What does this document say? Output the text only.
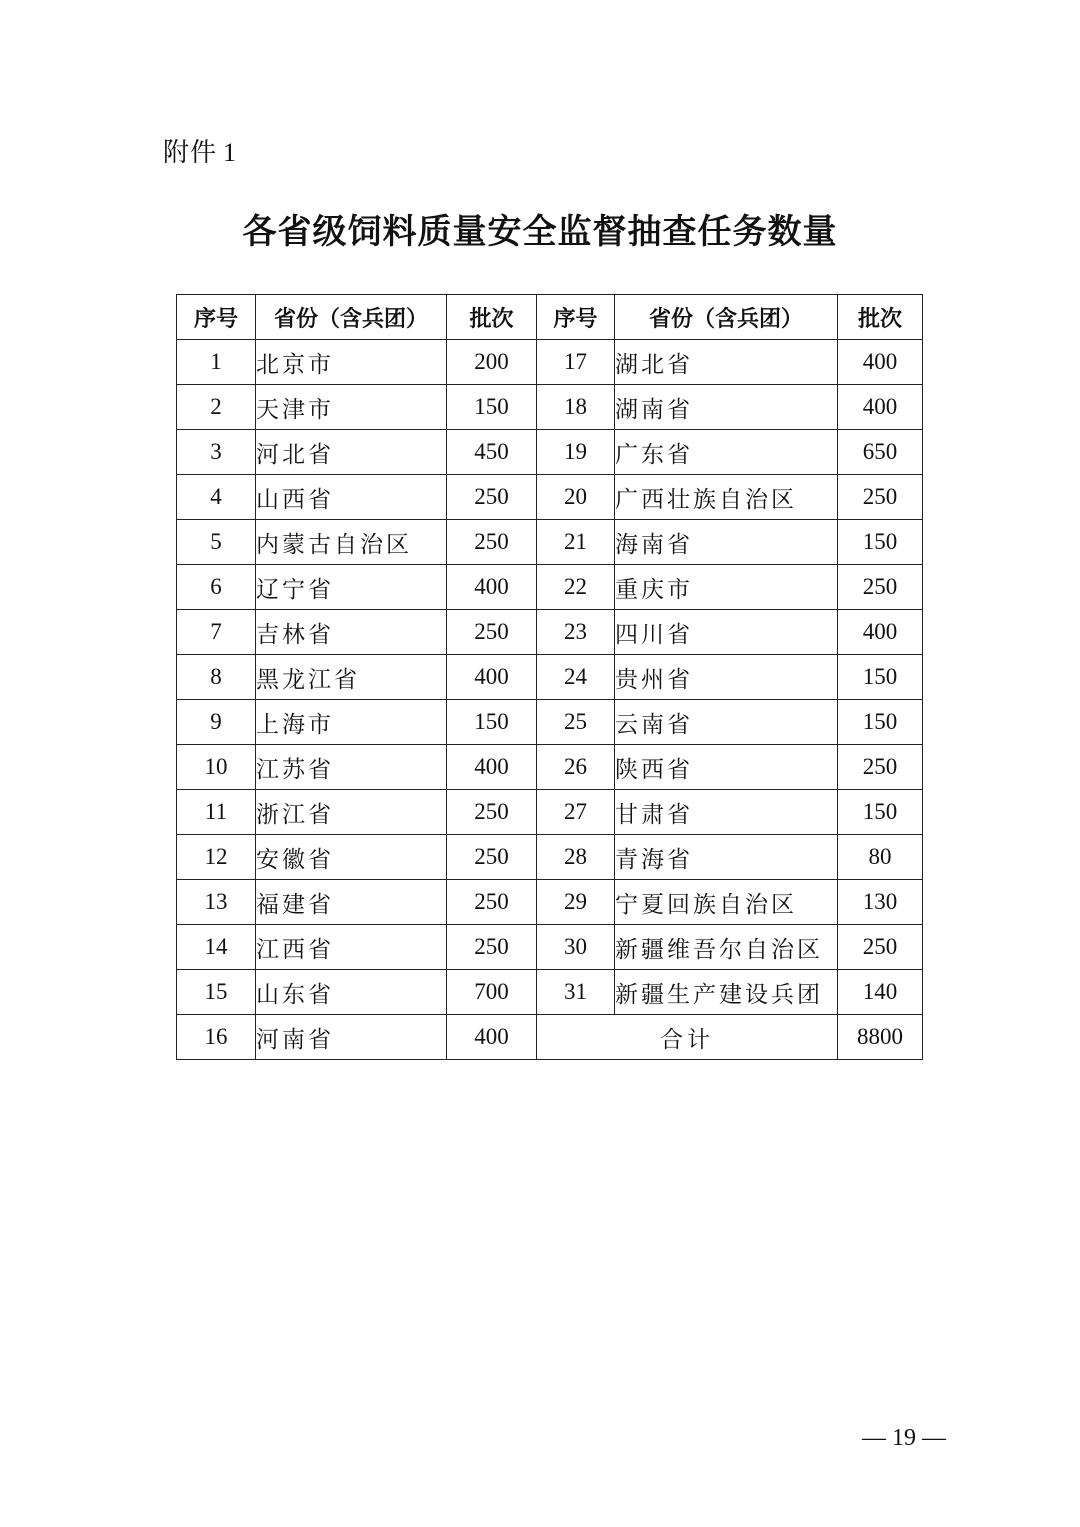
附件 1
各省级饲料质量安全监督抽查任务数量
序号	省份（含兵团）	批次	序号	省份（含兵团）	批次
1	北京市	200	17	湖北省	400
2	天津市	150	18	湖南省	400
3	河北省	450	19	广东省	650
4	山西省	250	20	广西壮族自治区	250
5	内蒙古自治区	250	21	海南省	150
6	辽宁省	400	22	重庆市	250
7	吉林省	250	23	四川省	400
8	黑龙江省	400	24	贵州省	150
9	上海市	150	25	云南省	150
10	江苏省	400	26	陕西省	250
11	浙江省	250	27	甘肃省	150
12	安徽省	250	28	青海省	80
13	福建省	250	29	宁夏回族自治区	130
14	江西省	250	30	新疆维吾尔自治区	250
15	山东省	700	31	新疆生产建设兵团	140
16	河南省	400	合计		8800
— 19 —
